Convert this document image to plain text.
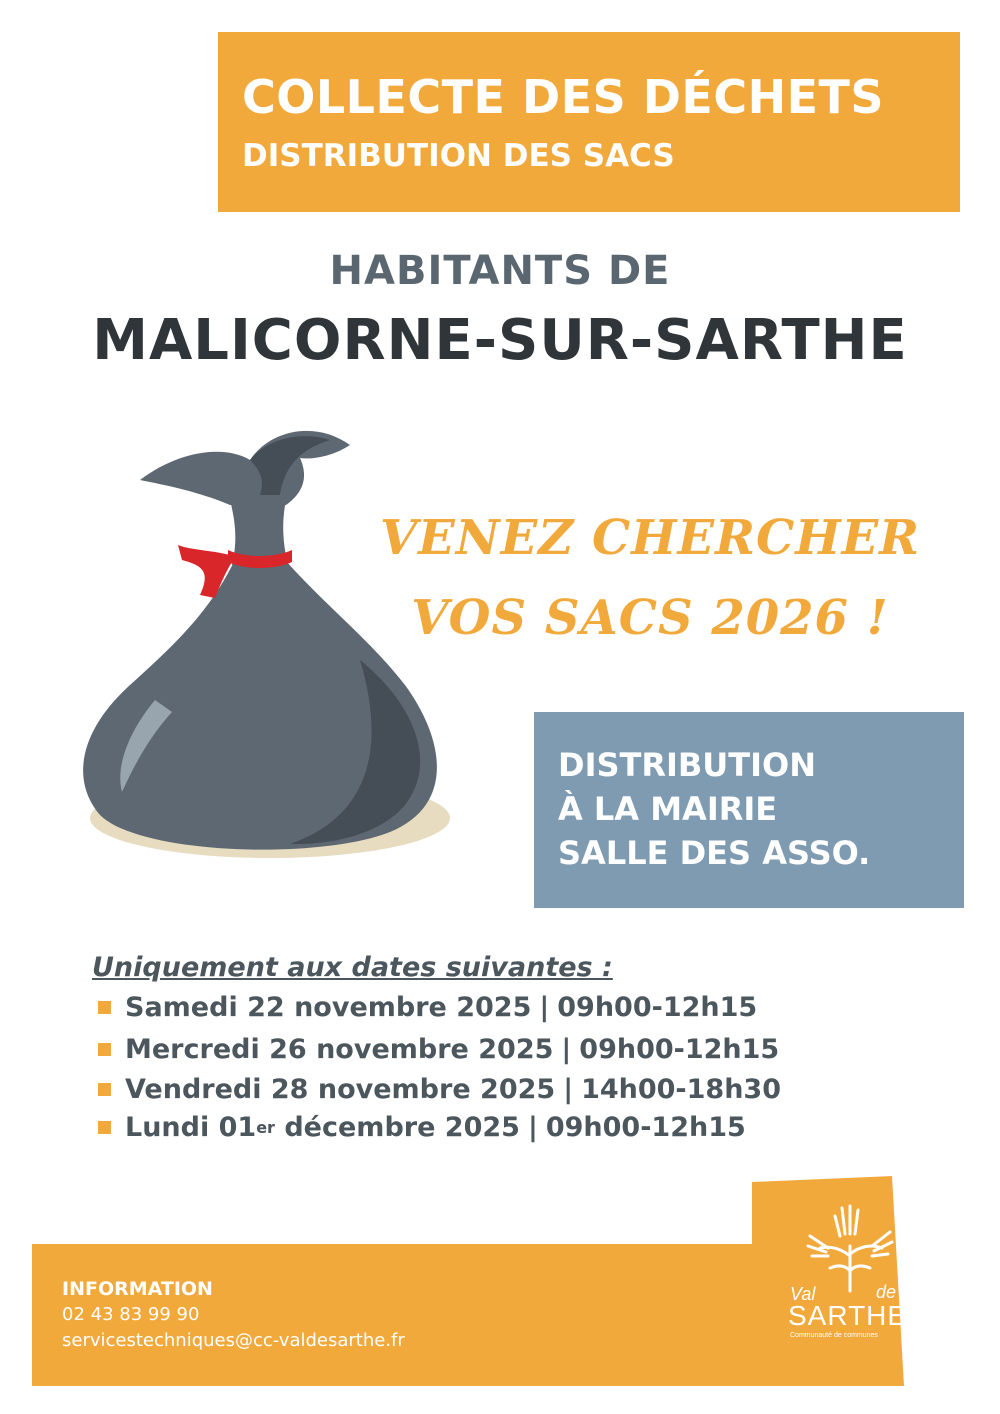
COLLECTE DES DÉCHETS
DISTRIBUTION DES SACS
HABITANTS DE
MALICORNE-SUR-SARTHE
VENEZ CHERCHER
VOS SACS 2026 !
DISTRIBUTION
À LA MAIRIE
SALLE DES ASSO.
Uniquement aux dates suivantes :
Samedi 22 novembre 2025 | 09h00-12h15
Mercredi 26 novembre 2025 | 09h00-12h15
Vendredi 28 novembre 2025 | 14h00-18h30
Lundi 01 er décembre 2025 | 09h00-12h15
INFORMATION
02 43 83 99 90
servicestechniques@cc-valdesarthe.fr
Val	de
SARTHE
Communauté de communes
